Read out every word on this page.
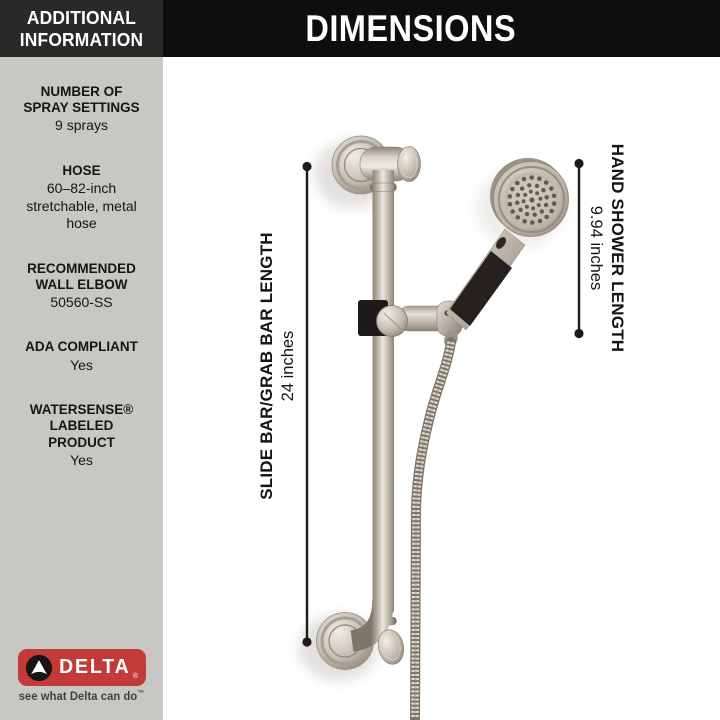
ADDITIONAL INFORMATION
NUMBER OF SPRAY SETTINGS
9 sprays
HOSE
60–82-inch stretchable, metal hose
RECOMMENDED WALL ELBOW
50560-SS
ADA COMPLIANT
Yes
WATERSENSE® LABELED PRODUCT
Yes
DELTA ®
see what Delta can do™
DIMENSIONS
SLIDE BAR/GRAB BAR LENGTH 24 inches
HAND SHOWER LENGTH
9.94 inches
